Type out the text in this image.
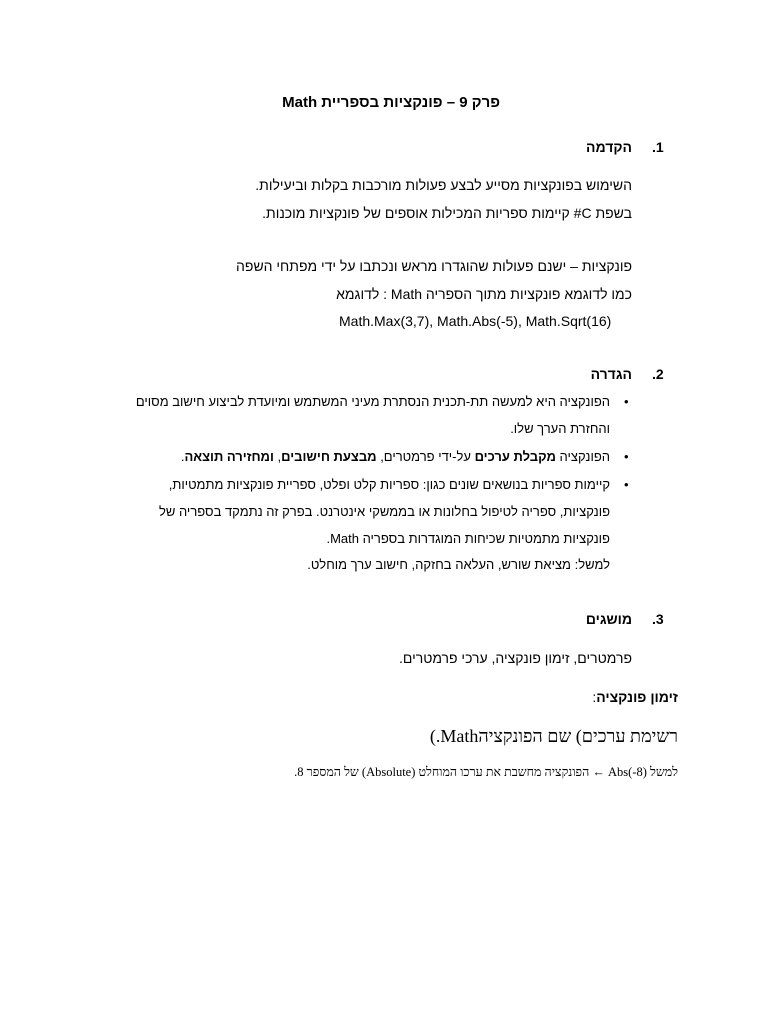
פרק 9 – פונקציות בספריית Math
.1
הקדמה
השימוש בפונקציות מסייע לבצע פעולות מורכבות בקלות וביעילות.
בשפת C# קיימות ספריות המכילות אוספים של פונקציות מוכנות.
פונקציות – ישנם פעולות שהוגדרו מראש ונכתבו על ידי מפתחי השפה
כמו לדוגמא פונקציות מתוך הספריה Math : לדוגמא
Math.Max(3,7), Math.Abs(-5), Math.Sqrt(16)
.2
הגדרה
•
הפונקציה היא למעשה תת-תכנית הנסתרת מעיני המשתמש ומיועדת לביצוע חישוב מסוים
והחזרת הערך שלו.
•
הפונקציה מקבלת ערכים על-ידי פרמטרים, מבצעת חישובים, ומחזירה תוצאה.
•
קיימות ספריות בנושאים שונים כגון: ספריות קלט ופלט, ספריית פונקציות מתמטיות,
פונקציות, ספריה לטיפול בחלונות או בממשקי אינטרנט. בפרק זה נתמקד בספריה של
פונקציות מתמטיות שכיחות המוגדרות בספריה Math.
למשל: מציאת שורש, העלאה בחזקה, חישוב ערך מוחלט.
.3
מושגים
פרמטרים, זימון פונקציה, ערכי פרמטרים.
זימון פונקציה:
רשימת ערכים) שם הפונקציהMath.)
למשל Abs(-8) ← הפונקציה מחשבת את ערכו המוחלט (Absolute) של המספר 8.
